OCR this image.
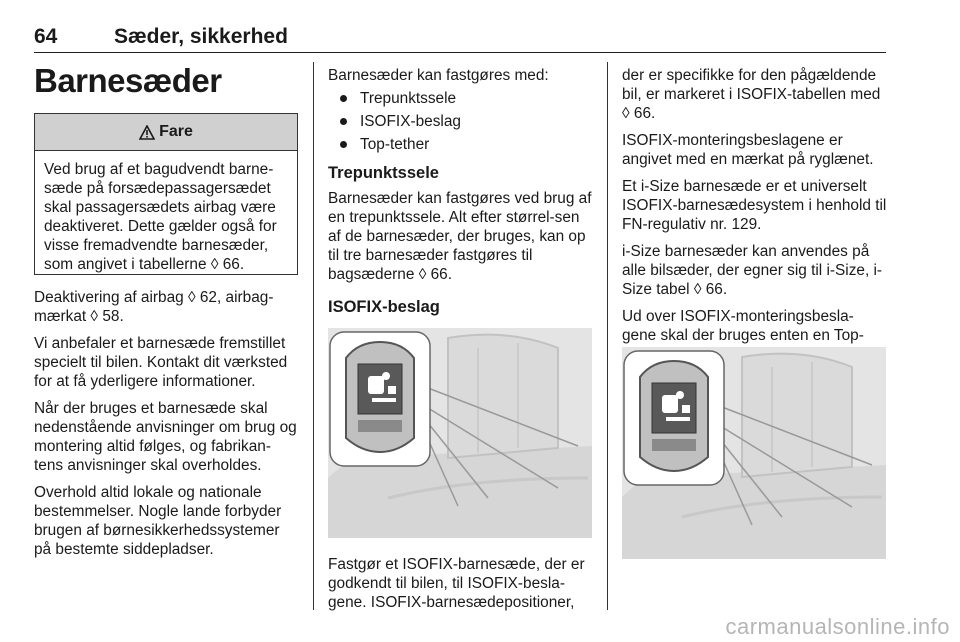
64	Sæder, sikkerhed
Barnesæder
Fare
Ved brug af et bagudvendt barne-sæde på forsædepassagersædet skal passagersædets airbag være deaktiveret. Dette gælder også for visse fremadvendte barnesæder, som angivet i tabellerne ◊ 66.

Deaktivering af airbag ◊ 62, airbag-mærkat ◊ 58.

Vi anbefaler et barnesæde fremstillet specielt til bilen. Kontakt dit værksted for at få yderligere informationer.

Når der bruges et barnesæde skal nedenstående anvisninger om brug og montering altid følges, og fabrikan-tens anvisninger skal overholdes.

Overhold altid lokale og nationale bestemmelser. Nogle lande forbyder brugen af børnesikkerhedssystemer på bestemte siddepladser.

Barnesæder kan fastgøres med:

Trepunktssele
ISOFIX-beslag
Top-tether
Trepunktssele

Barnesæder kan fastgøres ved brug af en trepunktssele. Alt efter størrel-sen af de barnesæder, der bruges, kan op til tre barnesæder fastgøres til bagsæderne ◊ 66.

ISOFIX-beslag

Fastgør et ISOFIX-barnesæde, der er godkendt til bilen, til ISOFIX-besla-gene. ISOFIX-barnesædepositioner,

der er specifikke for den pågældende bil, er markeret i ISOFIX-tabellen med ◊ 66.

ISOFIX-monteringsbeslagene er angivet med en mærkat på ryglænet.

Et i-Size barnesæde er et universelt ISOFIX-barnesædesystem i henhold til FN-regulativ nr. 129.

i-Size barnesæder kan anvendes på alle bilsæder, der egner sig til i-Size, i-Size tabel ◊ 66.

Ud over ISOFIX-monteringsbesla-gene skal der bruges enten en Top-

carmanualsonline.info
